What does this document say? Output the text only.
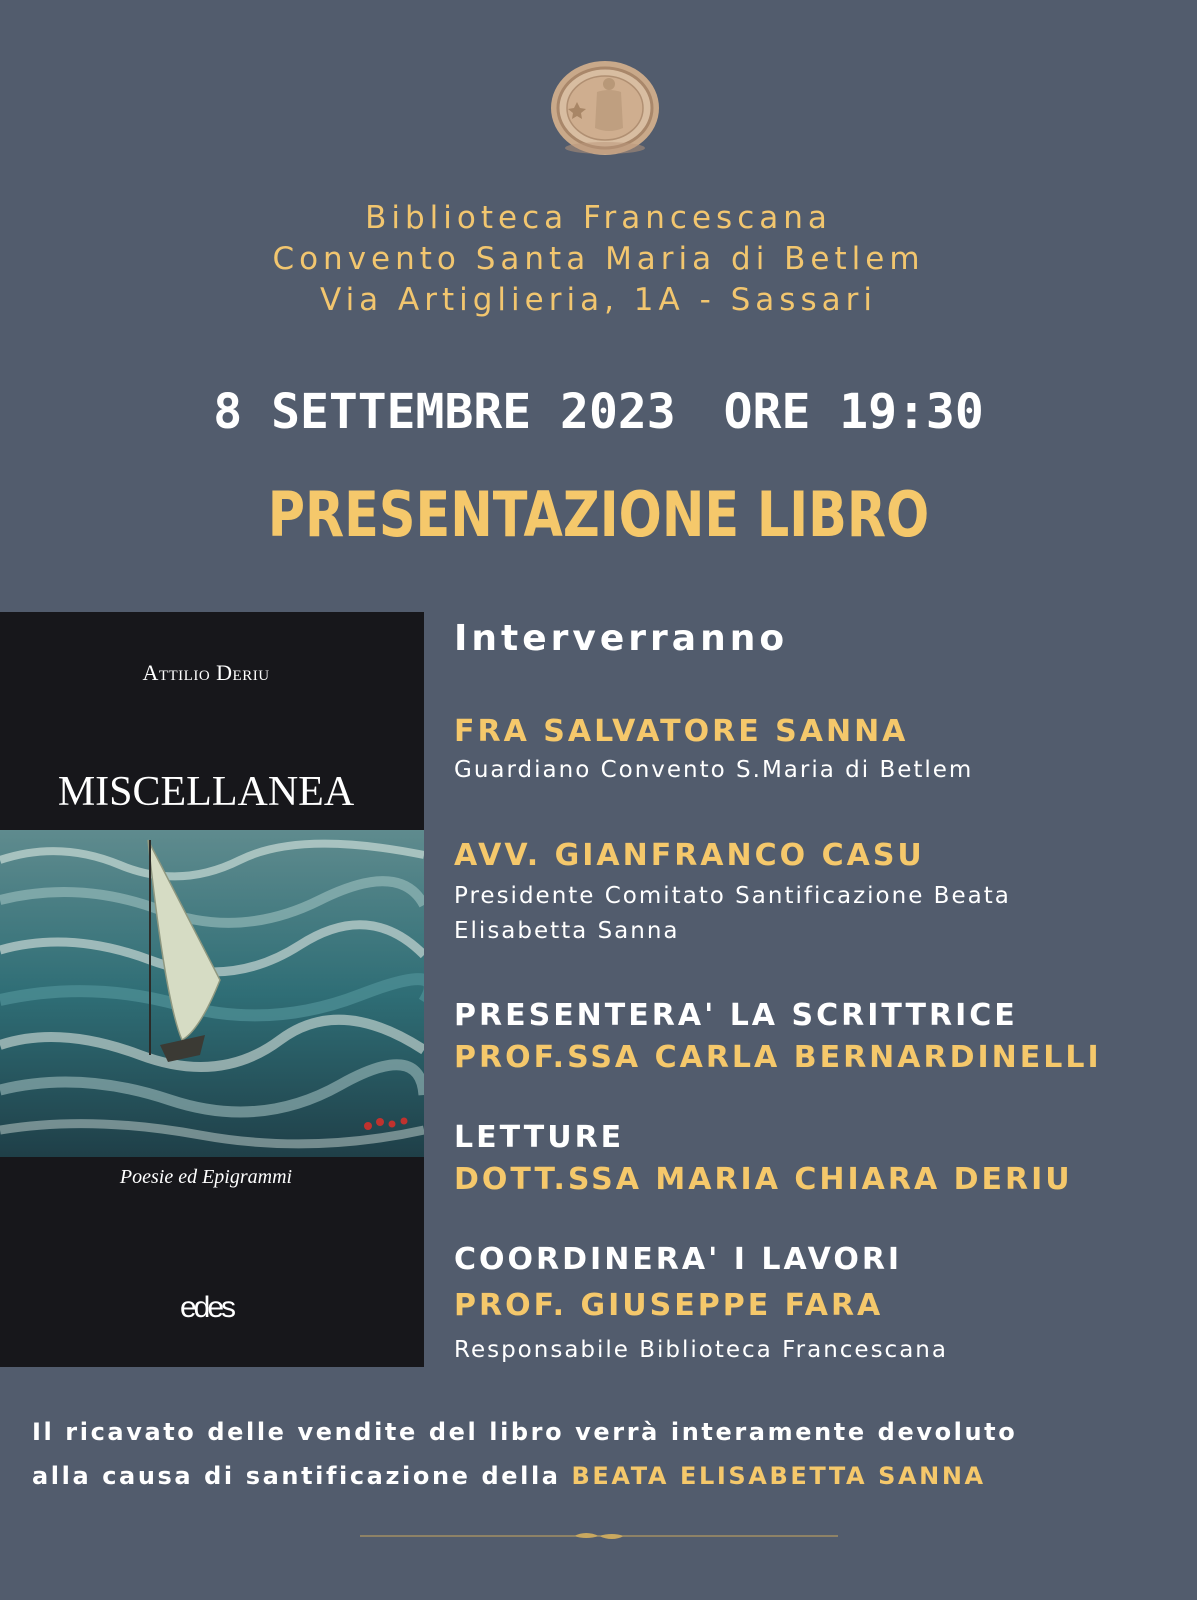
Biblioteca Francescana
Convento Santa Maria di Betlem
Via Artiglieria, 1A - Sassari
8 SETTEMBRE 2023 ORE 19:30
PRESENTAZIONE LIBRO
Attilio Deriu
MISCELLANEA
Poesie ed Epigrammi
edes
Interverranno
FRA SALVATORE SANNA
Guardiano Convento S.Maria di Betlem
AVV. GIANFRANCO CASU
Presidente Comitato Santificazione Beata
Elisabetta Sanna
PRESENTERA' LA SCRITTRICE
PROF.SSA CARLA BERNARDINELLI
LETTURE
DOTT.SSA MARIA CHIARA DERIU
COORDINERA' I LAVORI
PROF. GIUSEPPE FARA
Responsabile Biblioteca Francescana
Il ricavato delle vendite del libro verrà interamente devoluto
alla causa di santificazione della BEATA ELISABETTA SANNA
